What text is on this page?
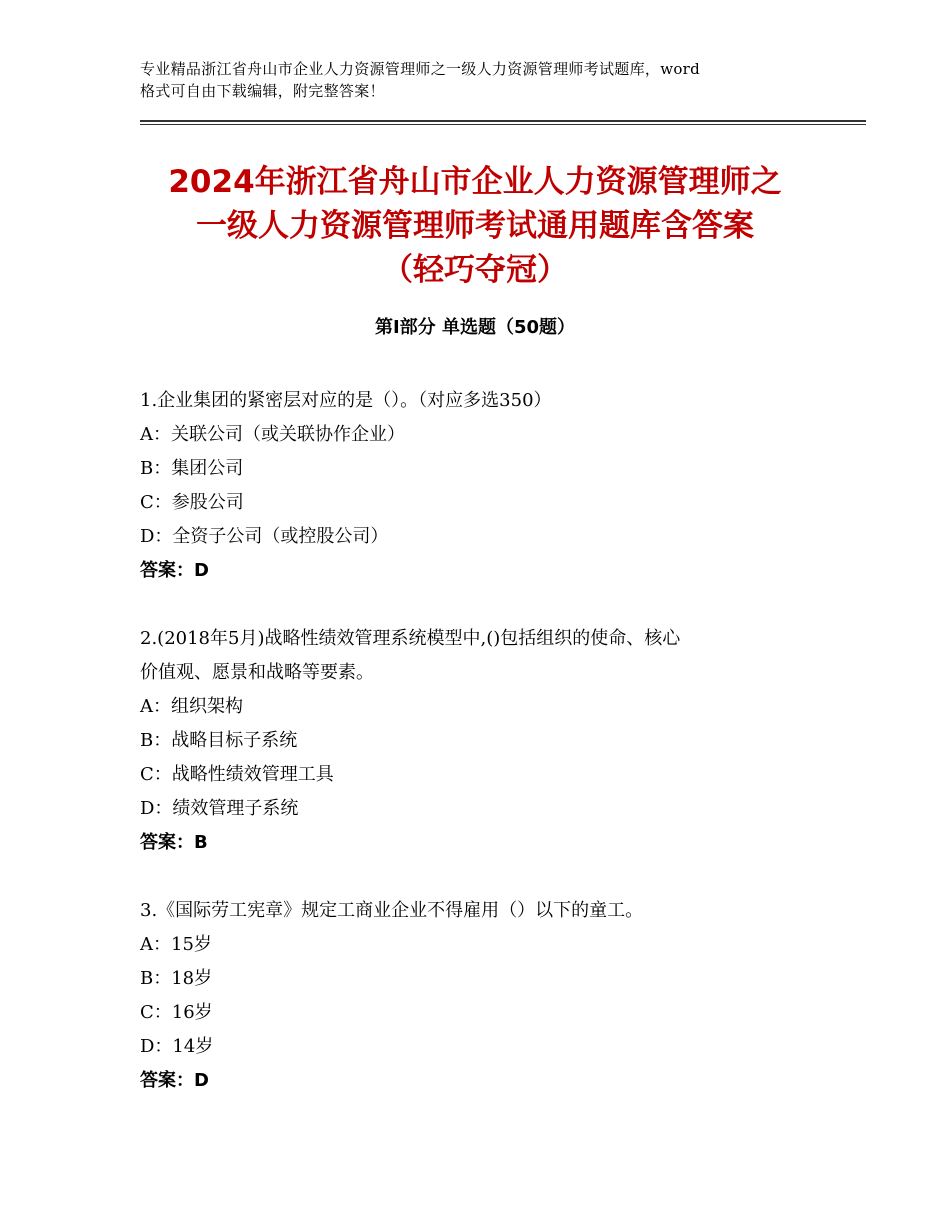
专业精品浙江省舟山市企业人力资源管理师之一级人力资源管理师考试题库，word
格式可自由下载编辑，附完整答案！
2024年浙江省舟山市企业人力资源管理师之
一级人力资源管理师考试通用题库含答案
（轻巧夺冠）
第Ⅰ部分 单选题（50题）
1.企业集团的紧密层对应的是（）。（对应多选350）
A：关联公司（或关联协作企业）
B：集团公司
C：参股公司
D：全资子公司（或控股公司）
答案：D
2.(2018年5月)战略性绩效管理系统模型中,()包括组织的使命、核心
价值观、愿景和战略等要素。
A：组织架构
B：战略目标子系统
C：战略性绩效管理工具
D：绩效管理子系统
答案：B
3.《国际劳工宪章》规定工商业企业不得雇用（）以下的童工。
A：15岁
B：18岁
C：16岁
D：14岁
答案：D
